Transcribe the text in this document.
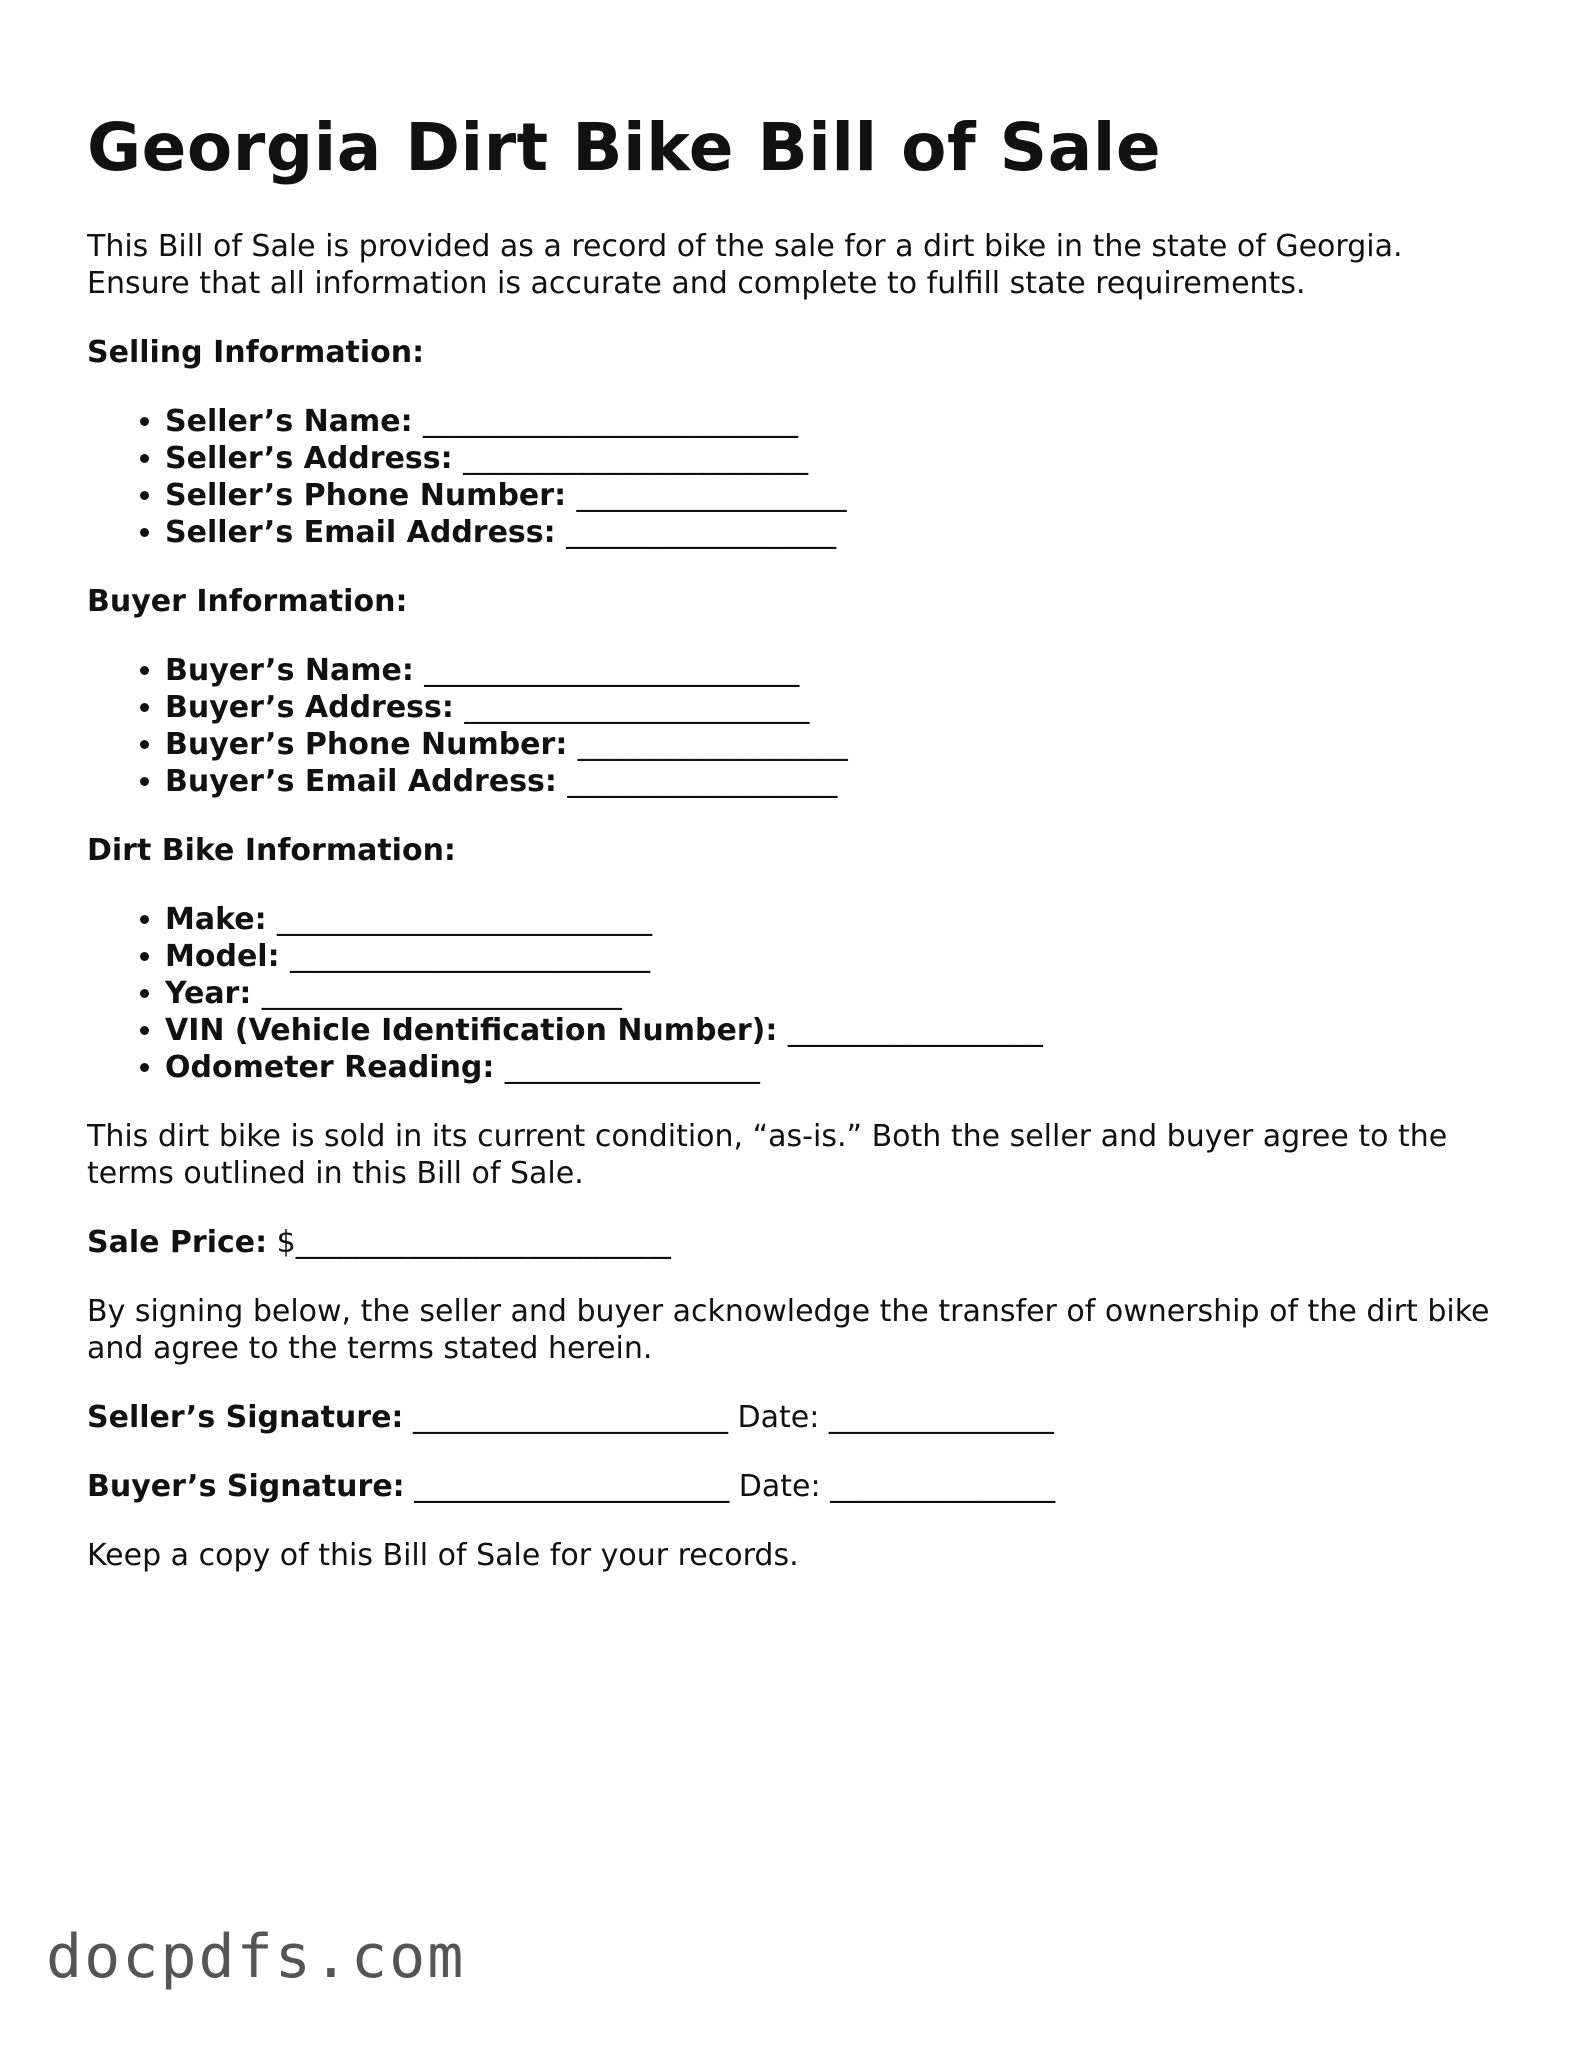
Georgia Dirt Bike Bill of Sale

This Bill of Sale is provided as a record of the sale for a dirt bike in the state of Georgia. Ensure that all information is accurate and complete to fulfill state requirements.

Selling Information:

• Seller’s Name: _________________________
• Seller’s Address: _______________________
• Seller’s Phone Number: __________________
• Seller’s Email Address: __________________

Buyer Information:

• Buyer’s Name: _________________________
• Buyer’s Address: _______________________
• Buyer’s Phone Number: __________________
• Buyer’s Email Address: __________________

Dirt Bike Information:

• Make: _________________________
• Model: ________________________
• Year: ________________________
• VIN (Vehicle Identification Number): _________________
• Odometer Reading: _________________

This dirt bike is sold in its current condition, “as-is.” Both the seller and buyer agree to the terms outlined in this Bill of Sale.

Sale Price: $_________________________

By signing below, the seller and buyer acknowledge the transfer of ownership of the dirt bike and agree to the terms stated herein.

Seller’s Signature: _____________________ Date: _______________

Buyer’s Signature: _____________________ Date: _______________

Keep a copy of this Bill of Sale for your records.

docpdfs.com
